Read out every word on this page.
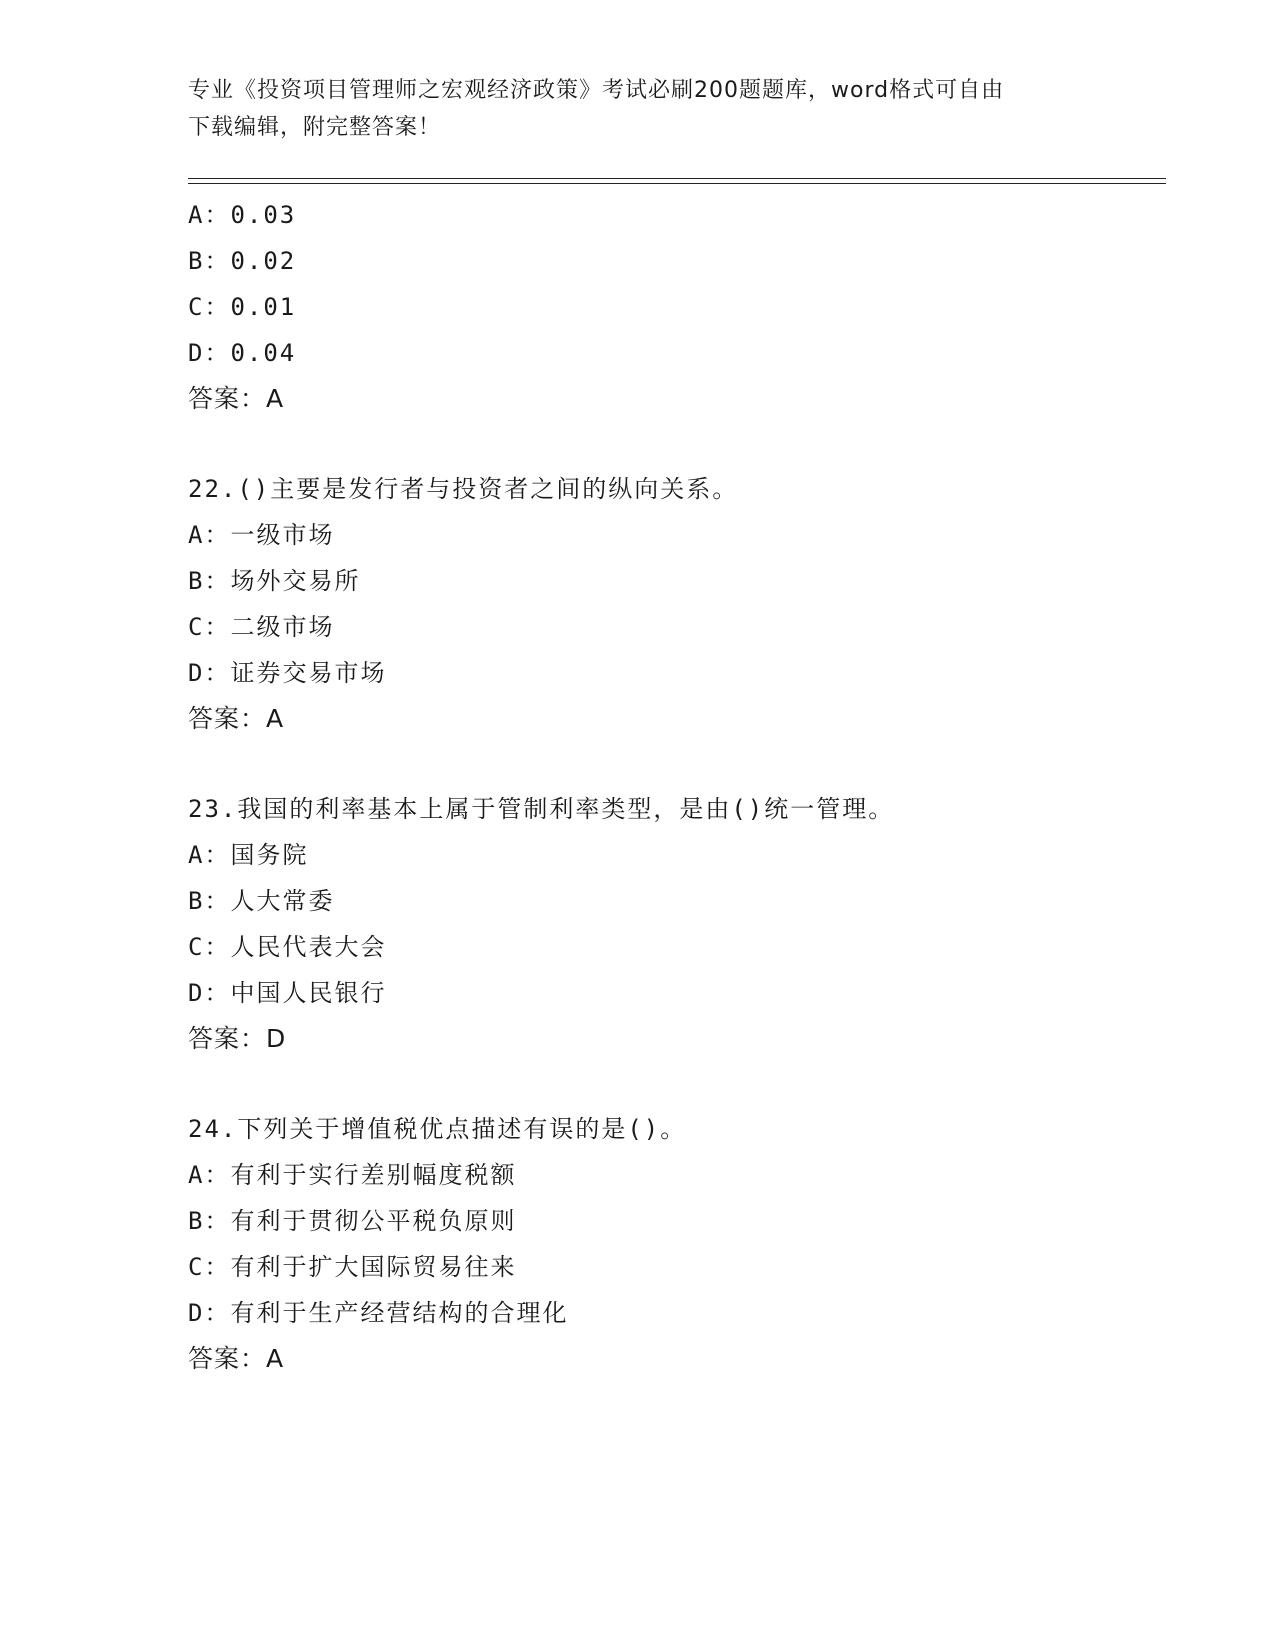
专业《投资项目管理师之宏观经济政策》考试必刷200题题库，word格式可自由
下载编辑，附完整答案！
A：0.03
B：0.02
C：0.01
D：0.04
答案：A
22.()主要是发行者与投资者之间的纵向关系。
A：一级市场
B：场外交易所
C：二级市场
D：证券交易市场
答案：A
23.我国的利率基本上属于管制利率类型，是由()统一管理。
A：国务院
B：人大常委
C：人民代表大会
D：中国人民银行
答案：D
24.下列关于增值税优点描述有误的是()。
A：有利于实行差别幅度税额
B：有利于贯彻公平税负原则
C：有利于扩大国际贸易往来
D：有利于生产经营结构的合理化
答案：A
